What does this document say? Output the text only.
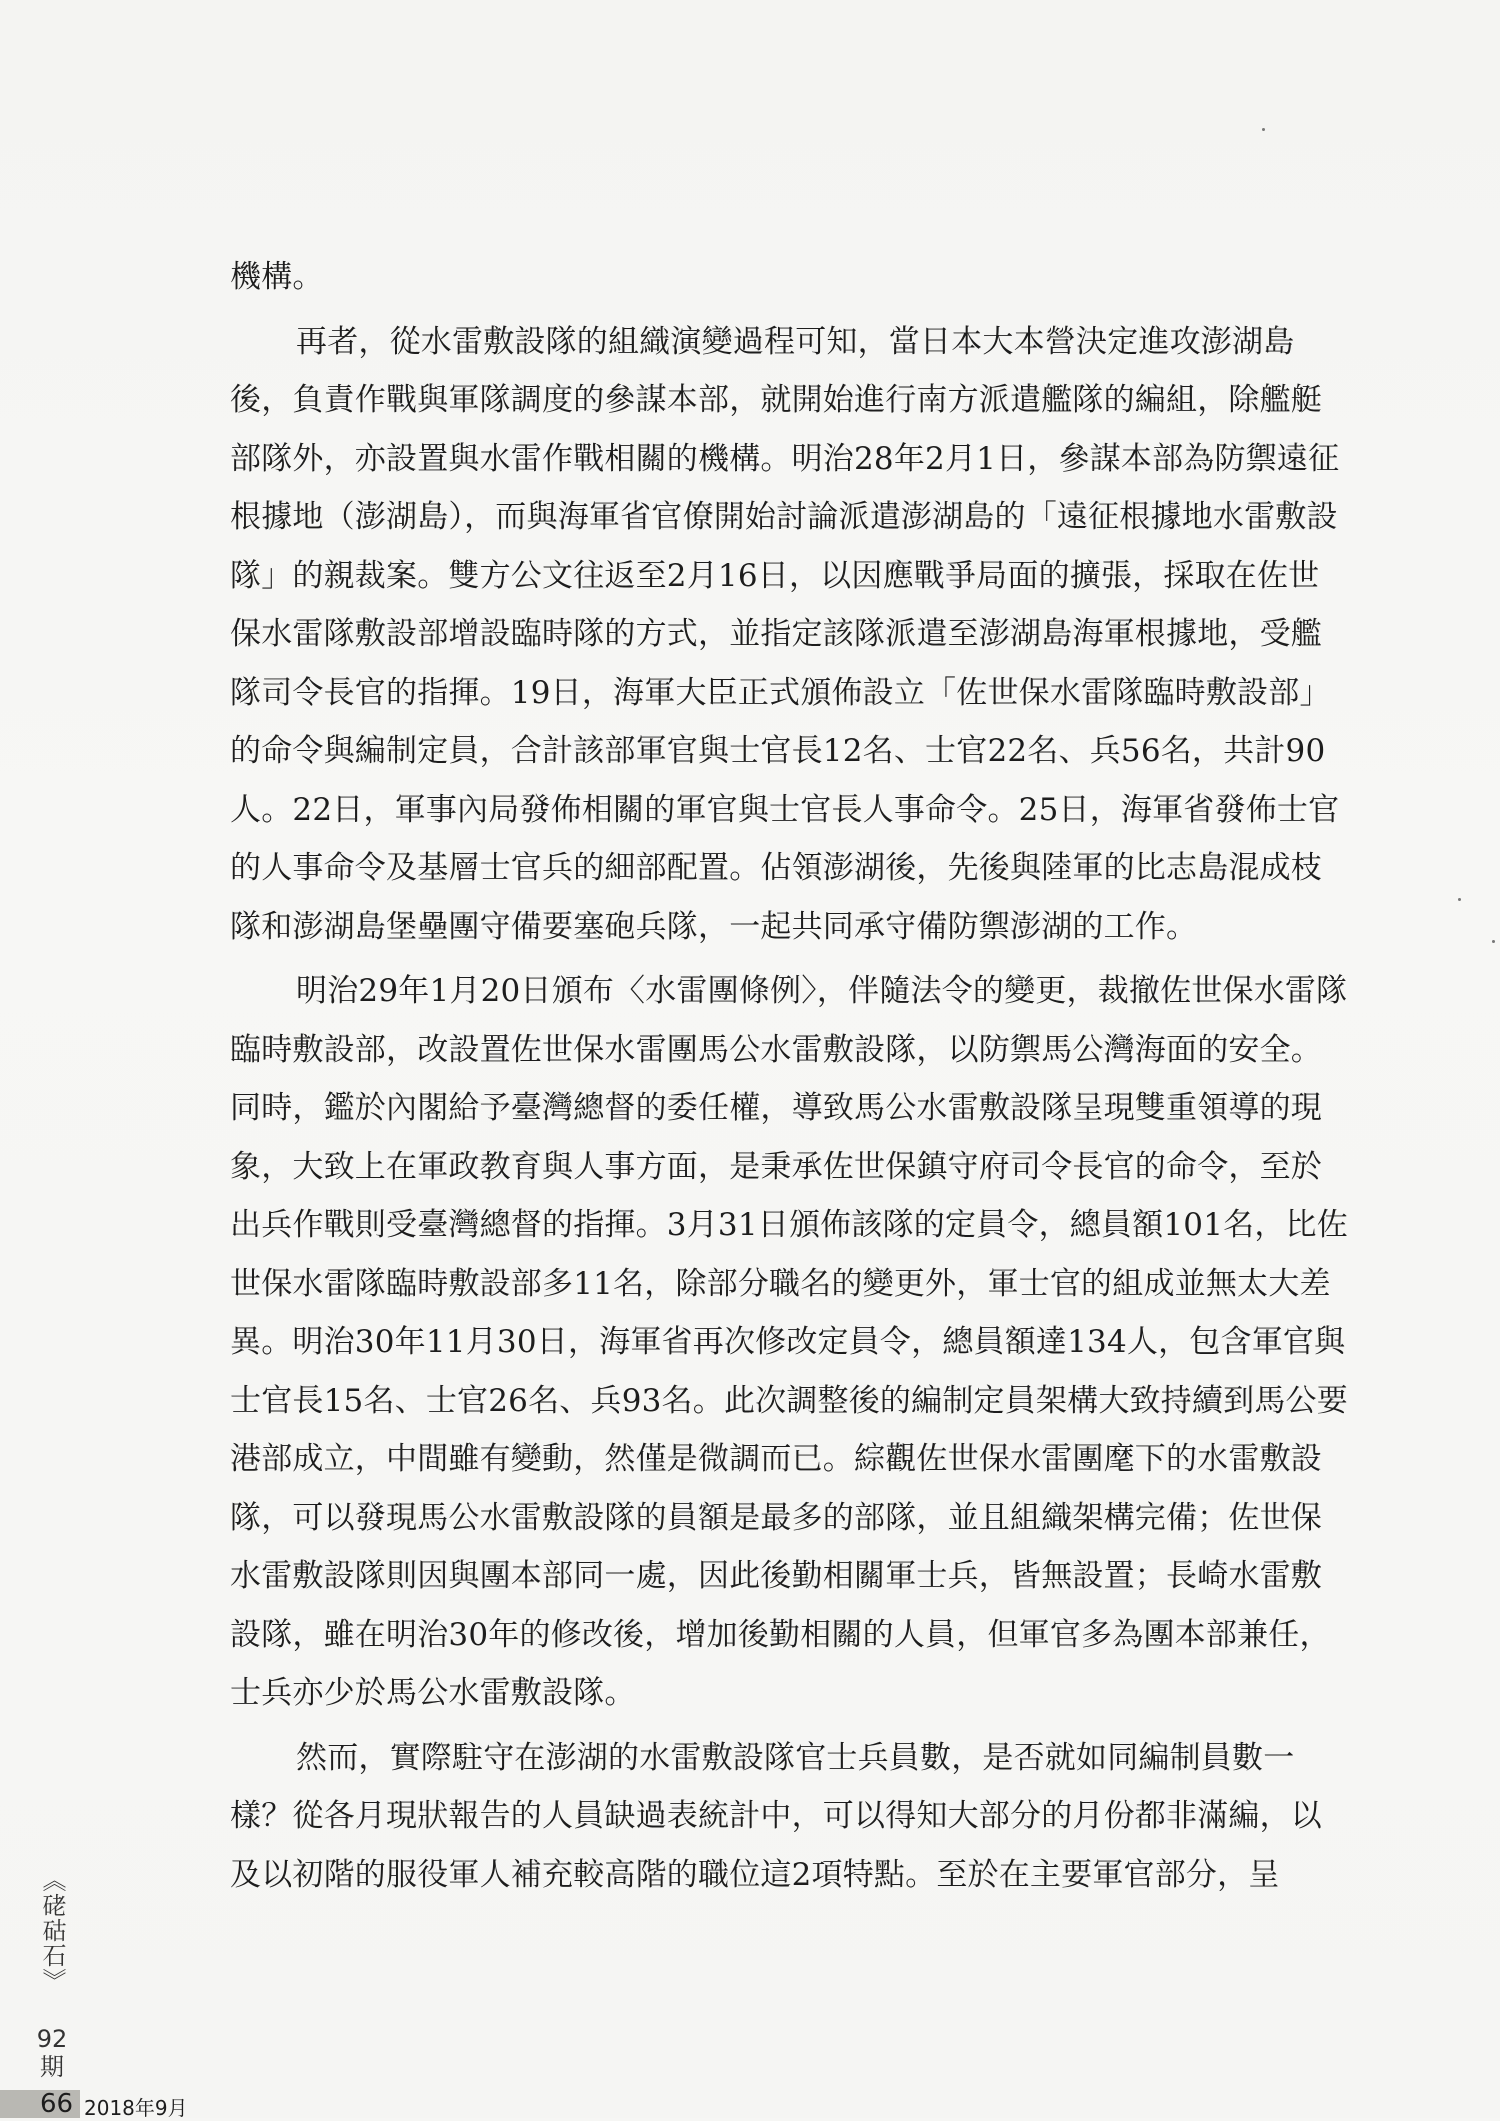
機構。

再者，從水雷敷設隊的組織演變過程可知，當日本大本營決定進攻澎湖島後，負責作戰與軍隊調度的參謀本部，就開始進行南方派遣艦隊的編組，除艦艇部隊外，亦設置與水雷作戰相關的機構。明治28年2月1日，參謀本部為防禦遠征根據地（澎湖島），而與海軍省官僚開始討論派遣澎湖島的「遠征根據地水雷敷設隊」的親裁案。雙方公文往返至2月16日，以因應戰爭局面的擴張，採取在佐世保水雷隊敷設部增設臨時隊的方式，並指定該隊派遣至澎湖島海軍根據地，受艦隊司令長官的指揮。19日，海軍大臣正式頒佈設立「佐世保水雷隊臨時敷設部」的命令與編制定員，合計該部軍官與士官長12名、士官22名、兵56名，共計90人。22日，軍事內局發佈相關的軍官與士官長人事命令。25日，海軍省發佈士官的人事命令及基層士官兵的細部配置。佔領澎湖後，先後與陸軍的比志島混成枝隊和澎湖島堡壘團守備要塞砲兵隊，一起共同承守備防禦澎湖的工作。

明治29年1月20日頒布〈水雷團條例〉，伴隨法令的變更，裁撤佐世保水雷隊臨時敷設部，改設置佐世保水雷團馬公水雷敷設隊，以防禦馬公灣海面的安全。同時，鑑於內閣給予臺灣總督的委任權，導致馬公水雷敷設隊呈現雙重領導的現象，大致上在軍政教育與人事方面，是秉承佐世保鎮守府司令長官的命令，至於出兵作戰則受臺灣總督的指揮。3月31日頒佈該隊的定員令，總員額101名，比佐世保水雷隊臨時敷設部多11名，除部分職名的變更外，軍士官的組成並無太大差異。明治30年11月30日，海軍省再次修改定員令，總員額達134人，包含軍官與士官長15名、士官26名、兵93名。此次調整後的編制定員架構大致持續到馬公要港部成立，中間雖有變動，然僅是微調而已。綜觀佐世保水雷團麾下的水雷敷設隊，可以發現馬公水雷敷設隊的員額是最多的部隊，並且組織架構完備；佐世保水雷敷設隊則因與團本部同一處，因此後勤相關軍士兵，皆無設置；長崎水雷敷設隊，雖在明治30年的修改後，增加後勤相關的人員，但軍官多為團本部兼任，士兵亦少於馬公水雷敷設隊。

然而，實際駐守在澎湖的水雷敷設隊官士兵員數，是否就如同編制員數一樣？從各月現狀報告的人員缺過表統計中，可以得知大部分的月份都非滿編，以及以初階的服役軍人補充較高階的職位這2項特點。至於在主要軍官部分，呈

《硓𥑮石》
92期
66 2018年9月
